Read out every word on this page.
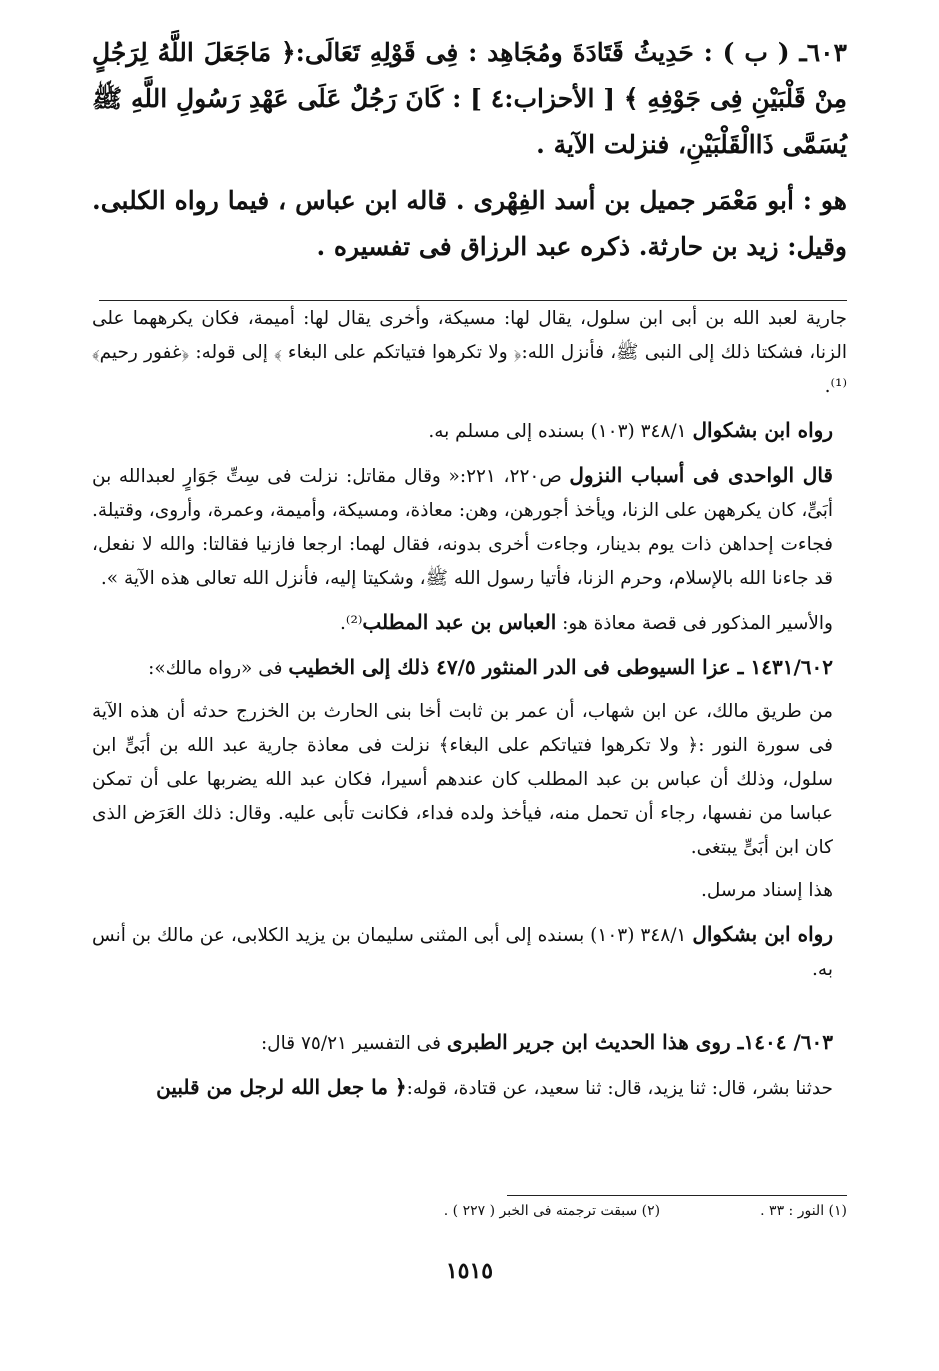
٦٠٣ـ ( ب ) : حَدِيثُ قَتَادَةَ ومُجَاهِد : فِى قَوْلِهِ تَعَالَى:﴿ مَاجَعَلَ اللَّهُ لِرَجُلٍ مِنْ قَلْبَيْنِ فِى جَوْفِهِ ﴾ [ الأحزاب:٤ ] : كَانَ رَجُلٌ عَلَى عَهْدِ رَسُولِ اللَّهِ ﷺ يُسَمَّى ذَاالْقَلْبَيْنِ، فنزلت الآية .

هو : أبو مَعْمَر جميل بن أسد الفِهْرى . قاله ابن عباس ، فيما رواه الكلبى. وقيل: زيد بن حارثة. ذكره عبد الرزاق فى تفسيره .

جارية لعبد الله بن أبى ابن سلول، يقال لها: مسيكة، وأخرى يقال لها: أميمة، فكان يكرههما على الزنا، فشكتا ذلك إلى النبى ﷺ، فأنزل الله:﴿ ولا تكرهوا فتياتكم على البغاء ﴾ إلى قوله: ﴿غفور رحيم﴾⁽¹⁾.

رواه ابن بشكوال ٣٤٨/١ (١٠٣) بسنده إلى مسلم به.

قال الواحدى فى أسباب النزول ص٢٢٠، ٢٢١:« وقال مقاتل: نزلت فى سِتِّ جَوَارٍ لعبدالله بن أبَىٍّ، كان يكرههن على الزنا، ويأخذ أجورهن، وهن: معاذة، ومسيكة، وأميمة، وعمرة، وأروى، وقتيلة. فجاءت إحداهن ذات يوم بدينار، وجاءت أخرى بدونه، فقال لهما: ارجعا فازنيا فقالتا: والله لا نفعل، قد جاءنا الله بالإسلام، وحرم الزنا، فأتيا رسول الله ﷺ، وشكيتا إليه، فأنزل الله تعالى هذه الآية ».

والأسير المذكور فى قصة معاذة هو: العباس بن عبد المطلب⁽²⁾.

١٤٣١/٦٠٢ ـ عزا السيوطى فى الدر المنثور ٤٧/٥ ذلك إلى الخطيب فى «رواه مالك»:

من طريق مالك، عن ابن شهاب، أن عمر بن ثابت أخا بنى الحارث بن الخزرج حدثه أن هذه الآية فى سورة النور :﴿ ولا تكرهوا فتياتكم على البغاء﴾ نزلت فى معاذة جارية عبد الله بن أبَىٍّ ابن سلول، وذلك أن عباس بن عبد المطلب كان عندهم أسيرا، فكان عبد الله يضربها على أن تمكن عباسا من نفسها، رجاء أن تحمل منه، فيأخذ ولده فداء، فكانت تأبى عليه. وقال: ذلك العَرَض الذى كان ابن أبَىٍّ يبتغى.

هذا إسناد مرسل.

رواه ابن بشكوال ٣٤٨/١ (١٠٣) بسنده إلى أبى المثنى سليمان بن يزيد الكلابى، عن مالك بن أنس به.

٦٠٣/ ١٤٠٤ـ روى هذا الحديث ابن جرير الطبرى فى التفسير ٧٥/٢١ قال:

حدثنا بشر، قال: ثنا يزيد، قال: ثنا سعيد، عن قتادة، قوله:﴿ ما جعل الله لرجل من قلبين

(١) النور : ٣٣ .
(٢) سبقت ترجمته فى الخبر ( ٢٢٧ ) .
١٥١٥
